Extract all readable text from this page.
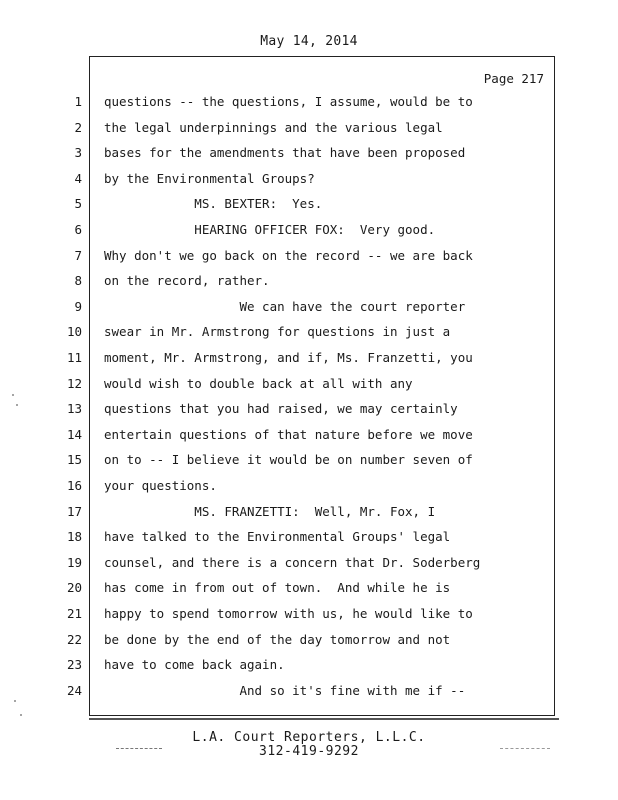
May 14, 2014
Page 217
1 questions -- the questions, I assume, would be to
2 the legal underpinnings and the various legal
3 bases for the amendments that have been proposed
4 by the Environmental Groups?
5 MS. BEXTER:  Yes.
6 HEARING OFFICER FOX:  Very good.
7 Why don't we go back on the record -- we are back
8 on the record, rather.
9 We can have the court reporter
10 swear in Mr. Armstrong for questions in just a
11 moment, Mr. Armstrong, and if, Ms. Franzetti, you
12 would wish to double back at all with any
13 questions that you had raised, we may certainly
14 entertain questions of that nature before we move
15 on to -- I believe it would be on number seven of
16 your questions.
17 MS. FRANZETTI:  Well, Mr. Fox, I
18 have talked to the Environmental Groups' legal
19 counsel, and there is a concern that Dr. Soderberg
20 has come in from out of town.  And while he is
21 happy to spend tomorrow with us, he would like to
22 be done by the end of the day tomorrow and not
23 have to come back again.
24 And so it's fine with me if --
L.A. Court Reporters, L.L.C.
312-419-9292
